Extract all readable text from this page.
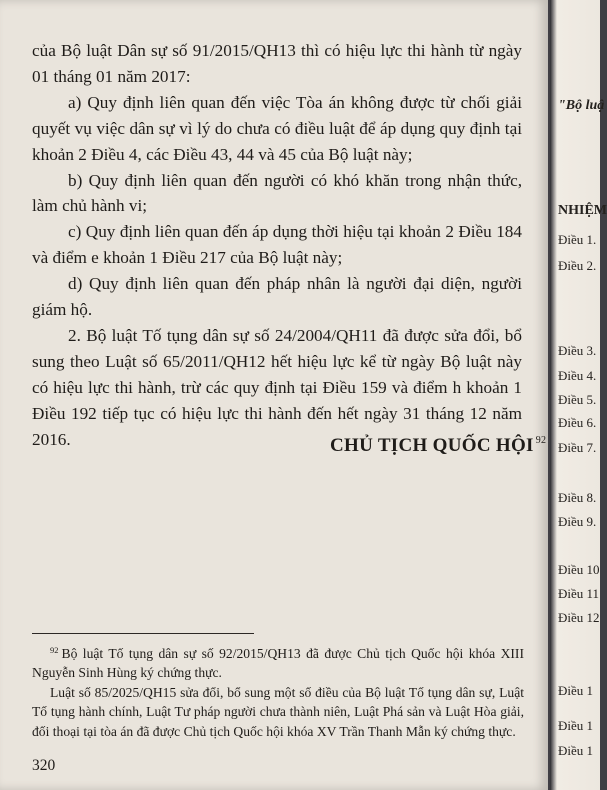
của Bộ luật Dân sự số 91/2015/QH13 thì có hiệu lực thi hành từ ngày 01 tháng 01 năm 2017:

a) Quy định liên quan đến việc Tòa án không được từ chối giải quyết vụ việc dân sự vì lý do chưa có điều luật để áp dụng quy định tại khoản 2 Điều 4, các Điều 43, 44 và 45 của Bộ luật này;

b) Quy định liên quan đến người có khó khăn trong nhận thức, làm chủ hành vi;

c) Quy định liên quan đến áp dụng thời hiệu tại khoản 2 Điều 184 và điểm e khoản 1 Điều 217 của Bộ luật này;

d) Quy định liên quan đến pháp nhân là người đại diện, người giám hộ.

2. Bộ luật Tố tụng dân sự số 24/2004/QH11 đã được sửa đổi, bổ sung theo Luật số 65/2011/QH12 hết hiệu lực kể từ ngày Bộ luật này có hiệu lực thi hành, trừ các quy định tại Điều 159 và điểm h khoản 1 Điều 192 tiếp tục có hiệu lực thi hành đến hết ngày 31 tháng 12 năm 2016.	CHỦ TỊCH QUỐC HỘI $^{92}$

$^{92}$ Bộ luật Tố tụng dân sự số 92/2015/QH13 đã được Chủ tịch Quốc hội khóa XIII Nguyễn Sinh Hùng ký chứng thực.

Luật số 85/2025/QH15 sửa đổi, bổ sung một số điều của Bộ luật Tố tụng dân sự, Luật Tố tụng hành chính, Luật Tư pháp người chưa thành niên, Luật Phá sản và Luật Hòa giải, đối thoại tại tòa án đã được Chủ tịch Quốc hội khóa XV Trần Thanh Mẫn ký chứng thực.

320
"Bộ luậ
NHIỆM
Điều 1.
Điều 2.
Điều 3.
Điều 4.
Điều 5.
Điều 6.
Điều 7.
Điều 8.
Điều 9.
Điều 10
Điều 11
Điều 12
Điều 1
Điều 1
Điều 1
